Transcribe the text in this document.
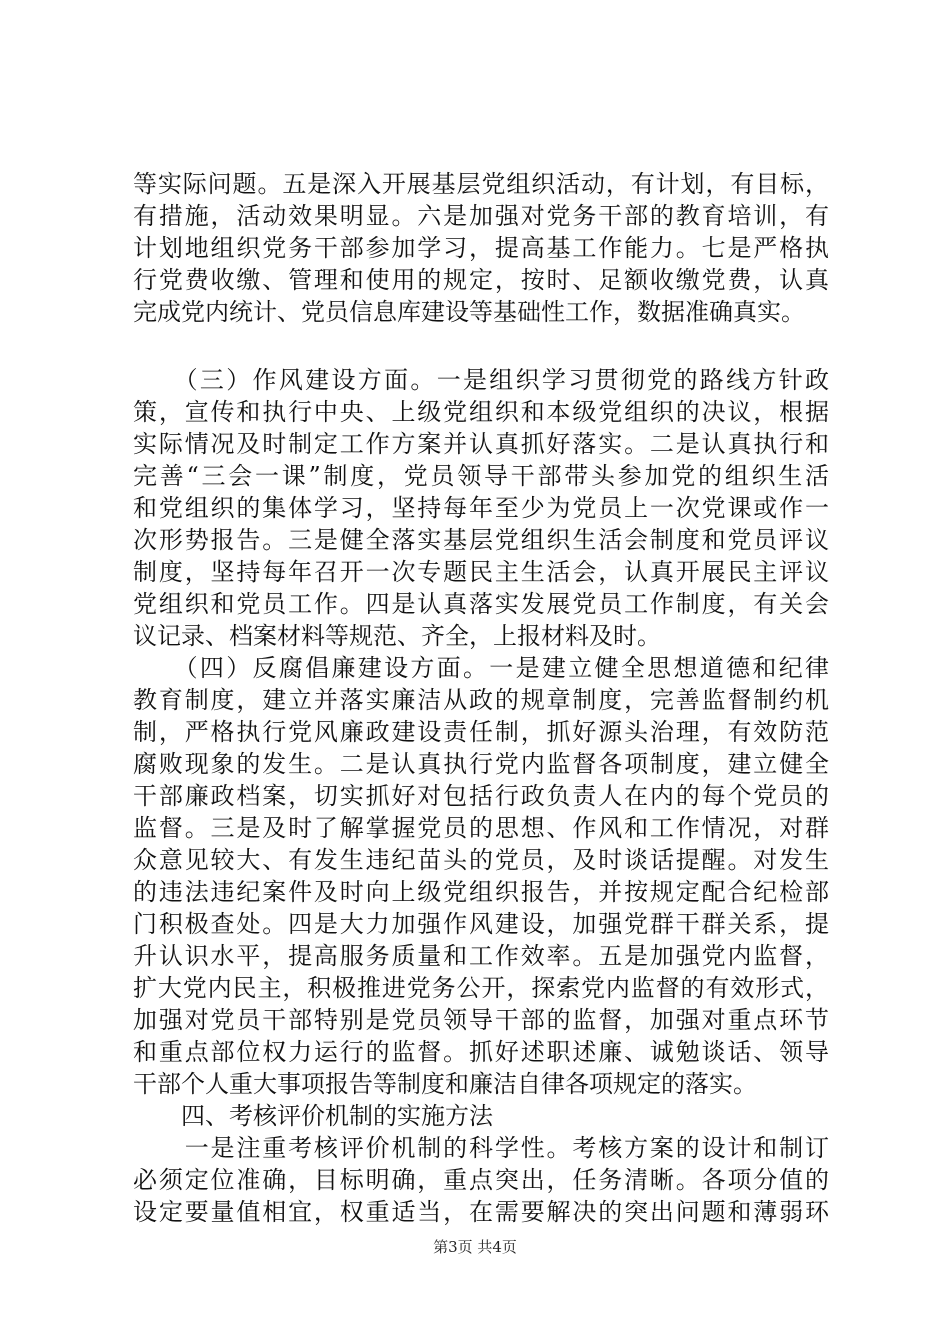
等实际问题。五是深入开展基层党组织活动，有计划，有目标，
有措施，活动效果明显。六是加强对党务干部的教育培训，有
计划地组织党务干部参加学习，提高基工作能力。七是严格执
行党费收缴、管理和使用的规定，按时、足额收缴党费，认真
完成党内统计、党员信息库建设等基础性工作，数据准确真实。
　　（三）作风建设方面。一是组织学习贯彻党的路线方针政
策，宣传和执行中央、上级党组织和本级党组织的决议，根据
实际情况及时制定工作方案并认真抓好落实。二是认真执行和
完善“三会一课”制度，党员领导干部带头参加党的组织生活
和党组织的集体学习，坚持每年至少为党员上一次党课或作一
次形势报告。三是健全落实基层党组织生活会制度和党员评议
制度，坚持每年召开一次专题民主生活会，认真开展民主评议
党组织和党员工作。四是认真落实发展党员工作制度，有关会
议记录、档案材料等规范、齐全，上报材料及时。
　　（四）反腐倡廉建设方面。一是建立健全思想道德和纪律
教育制度，建立并落实廉洁从政的规章制度，完善监督制约机
制，严格执行党风廉政建设责任制，抓好源头治理，有效防范
腐败现象的发生。二是认真执行党内监督各项制度，建立健全
干部廉政档案，切实抓好对包括行政负责人在内的每个党员的
监督。三是及时了解掌握党员的思想、作风和工作情况，对群
众意见较大、有发生违纪苗头的党员，及时谈话提醒。对发生
的违法违纪案件及时向上级党组织报告，并按规定配合纪检部
门积极查处。四是大力加强作风建设，加强党群干群关系，提
升认识水平，提高服务质量和工作效率。五是加强党内监督，
扩大党内民主，积极推进党务公开，探索党内监督的有效形式，
加强对党员干部特别是党员领导干部的监督，加强对重点环节
和重点部位权力运行的监督。抓好述职述廉、诚勉谈话、领导
干部个人重大事项报告等制度和廉洁自律各项规定的落实。
　　四、考核评价机制的实施方法
　　一是注重考核评价机制的科学性。考核方案的设计和制订
必须定位准确，目标明确，重点突出，任务清晰。各项分值的
设定要量值相宜，权重适当，在需要解决的突出问题和薄弱环
第3页 共4页
